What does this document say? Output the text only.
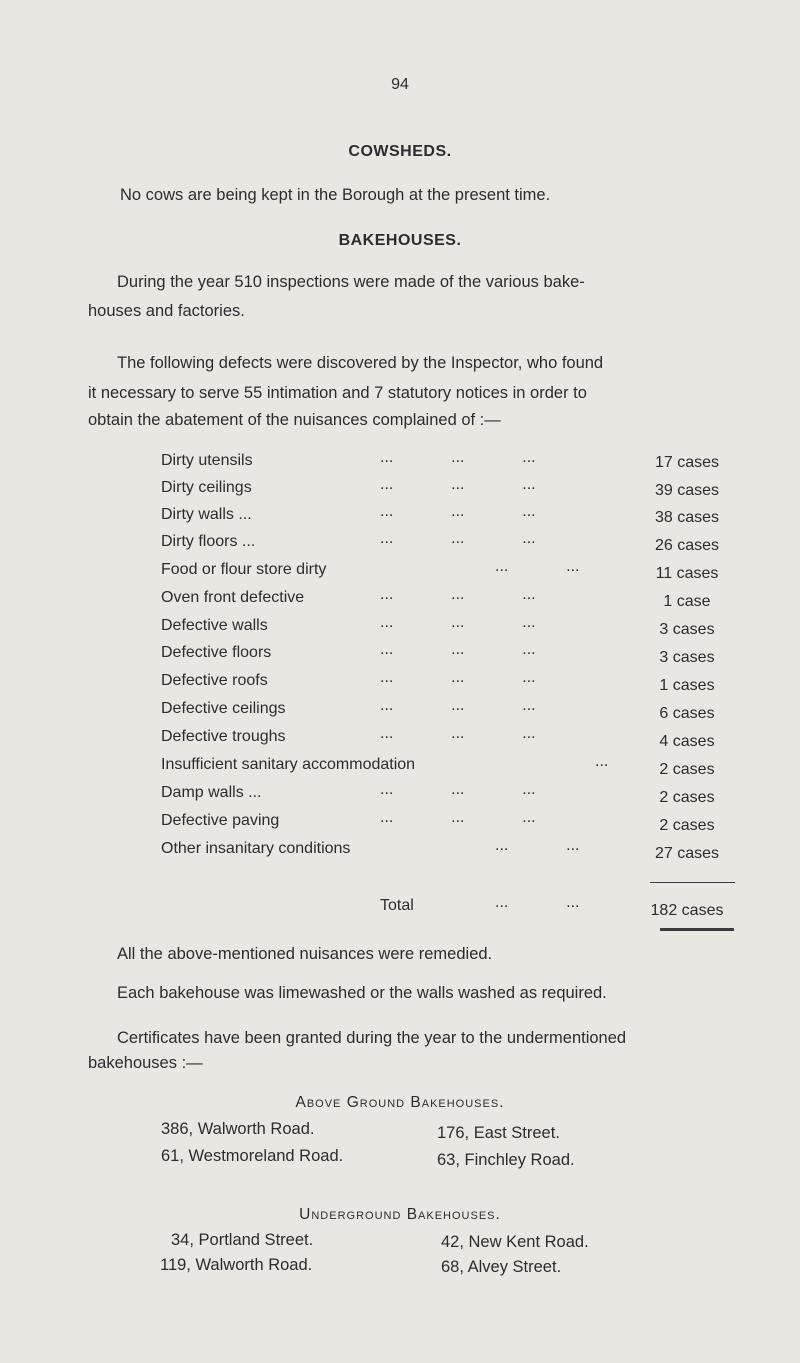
94
COWSHEDS.
No cows are being kept in the Borough at the present time.
BAKEHOUSES.
During the year 510 inspections were made of the various bake-
houses and factories.
The following defects were discovered by the Inspector, who found
it necessary to serve 55 intimation and 7 statutory notices in order to
obtain the abatement of the nuisances complained of :—
Dirty utensils	...             ...             ...	17 cases
Dirty ceilings	...             ...             ...	39 cases
Dirty walls ...	...             ...             ...	38 cases
Dirty floors ...	...             ...             ...	26 cases
Food or flour store dirty	...             ...	11 cases
Oven front defective	...             ...             ...	1 case
Defective walls	...             ...             ...	3 cases
Defective floors	...             ...             ...	3 cases
Defective roofs	...             ...             ...	1 cases
Defective ceilings	...             ...             ...	6 cases
Defective troughs	...             ...             ...	4 cases
Insufficient sanitary accommodation	...	2 cases
Damp walls ...	...             ...             ...	2 cases
Defective paving	...             ...             ...	2 cases
Other insanitary conditions	...             ...	27 cases
Total	...             ...	182 cases
All the above-mentioned nuisances were remedied.
Each bakehouse was limewashed or the walls washed as required.
Certificates have been granted during the year to the undermentioned
bakehouses :—
Above Ground Bakehouses.
386, Walworth Road.	176, East Street.
61, Westmoreland Road.	63, Finchley Road.
Underground Bakehouses.
34, Portland Street.	42, New Kent Road.
119, Walworth Road.	68, Alvey Street.
